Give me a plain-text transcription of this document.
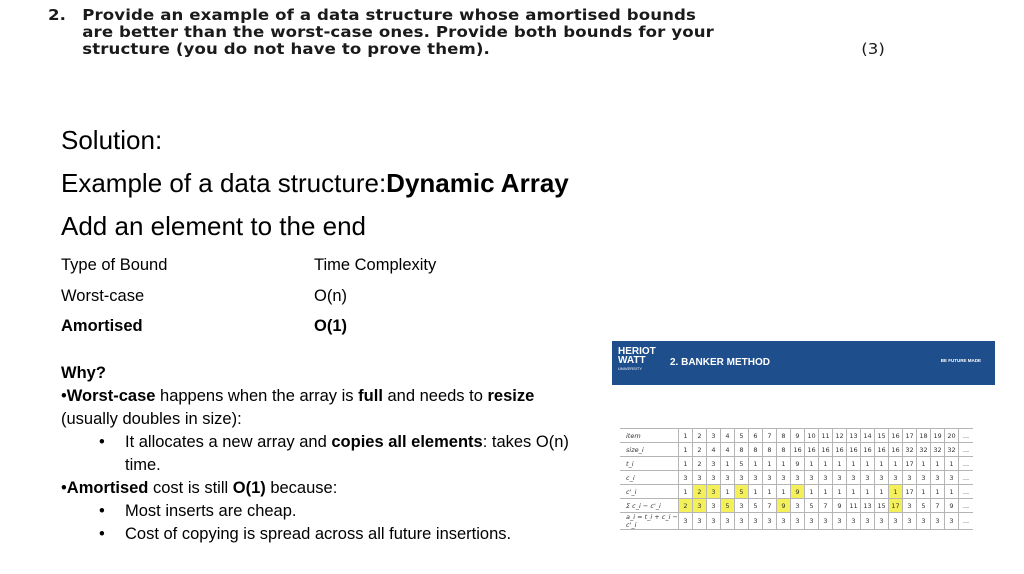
2.	Provide an example of a data structure whose amortised bounds
are better than the worst-case ones. Provide both bounds for your
structure (you do not have to prove them).	(3)
Solution:
Example of a data structure:Dynamic Array
Add an element to the end
Type of Bound	Time Complexity
Worst-case	O(n)
Amortised	O(1)
Why?
•Worst-case happens when the array is full and needs to resize
(usually doubles in size):
•	It allocates a new array and copies all elements: takes O(n) time.
•Amortised cost is still O(1) because:
•	Most inserts are cheap.
•	Cost of copying is spread across all future insertions.
HERIOT
WATT
UNIVERSITY
2. BANKER METHOD	BE FUTURE MADE
item	1	2	3	4	5	6	7	8	9	10	11	12	13	14	15	16	17	18	19	20	...
size_i	1	2	4	4	8	8	8	8	16	16	16	16	16	16	16	16	32	32	32	32	...
t_i	1	2	3	1	5	1	1	1	9	1	1	1	1	1	1	1	17	1	1	1	...
c_i	3	3	3	3	3	3	3	3	3	3	3	3	3	3	3	3	3	3	3	3	...
c'_i	1	2	3	1	5	1	1	1	9	1	1	1	1	1	1	1	17	1	1	1	...
Σ c_i − c'_i	2	3	3	5	3	5	7	9	3	5	7	9	11	13	15	17	3	5	7	9	...
a_i = t_i + c_i − c'_i	3	3	3	3	3	3	3	3	3	3	3	3	3	3	3	3	3	3	3	3	...
